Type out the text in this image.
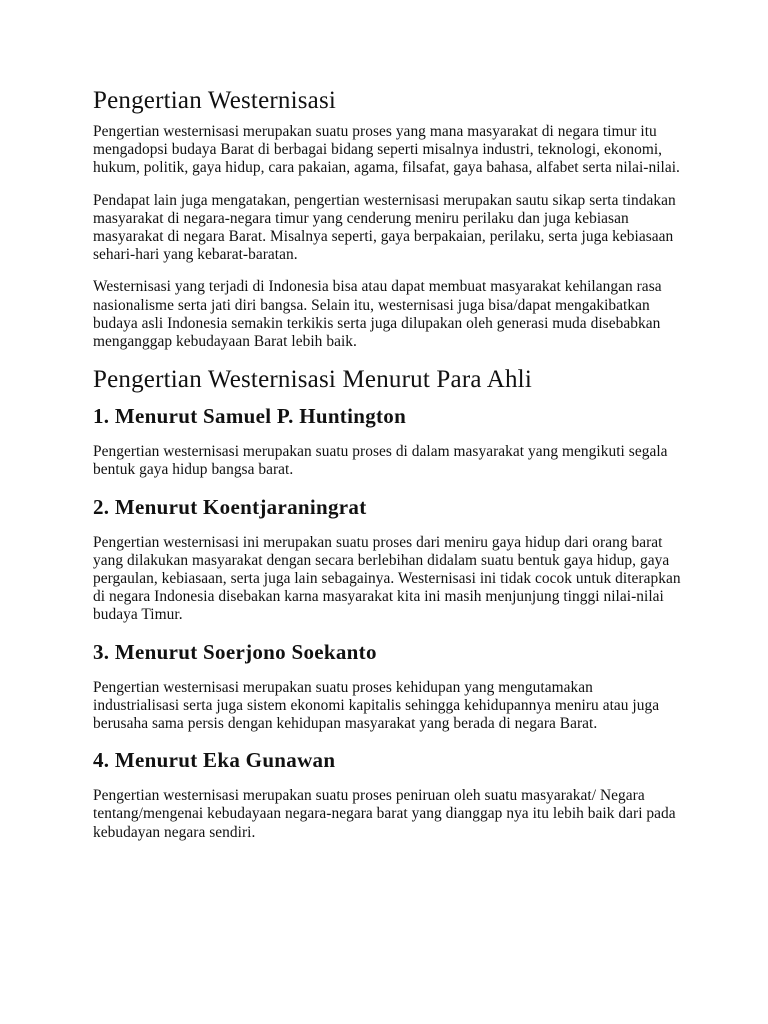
Pengertian Westernisasi

Pengertian westernisasi merupakan suatu proses yang mana masyarakat di negara timur itu mengadopsi budaya Barat di berbagai bidang seperti misalnya industri, teknologi, ekonomi, hukum, politik, gaya hidup, cara pakaian, agama, filsafat, gaya bahasa, alfabet serta nilai-nilai.

Pendapat lain juga mengatakan, pengertian westernisasi merupakan sautu sikap serta tindakan masyarakat di negara-negara timur yang cenderung meniru perilaku dan juga kebiasan masyarakat di negara Barat. Misalnya seperti, gaya berpakaian, perilaku, serta juga kebiasaan sehari-hari yang kebarat-baratan.

Westernisasi yang terjadi di Indonesia bisa atau dapat membuat masyarakat kehilangan rasa nasionalisme serta jati diri bangsa. Selain itu, westernisasi juga bisa/dapat mengakibatkan budaya asli Indonesia semakin terkikis serta juga dilupakan oleh generasi muda disebabkan menganggap kebudayaan Barat lebih baik.

Pengertian Westernisasi Menurut Para Ahli
1. Menurut Samuel P. Huntington

Pengertian westernisasi merupakan suatu proses di dalam masyarakat yang mengikuti segala bentuk gaya hidup bangsa barat.

2. Menurut Koentjaraningrat

Pengertian westernisasi ini merupakan suatu proses dari meniru gaya hidup dari orang barat yang dilakukan masyarakat dengan secara berlebihan didalam suatu bentuk gaya hidup, gaya pergaulan, kebiasaan, serta juga lain sebagainya. Westernisasi ini tidak cocok untuk diterapkan di negara Indonesia disebakan karna masyarakat kita ini masih menjunjung tinggi nilai-nilai budaya Timur.

3. Menurut Soerjono Soekanto

Pengertian westernisasi merupakan suatu proses kehidupan yang mengutamakan industrialisasi serta juga sistem ekonomi kapitalis sehingga kehidupannya meniru atau juga berusaha sama persis dengan kehidupan masyarakat yang berada di negara Barat.

4. Menurut Eka Gunawan

Pengertian westernisasi merupakan suatu proses peniruan oleh suatu masyarakat/ Negara tentang/mengenai kebudayaan negara-negara barat yang dianggap nya itu lebih baik dari pada kebudayan negara sendiri.
